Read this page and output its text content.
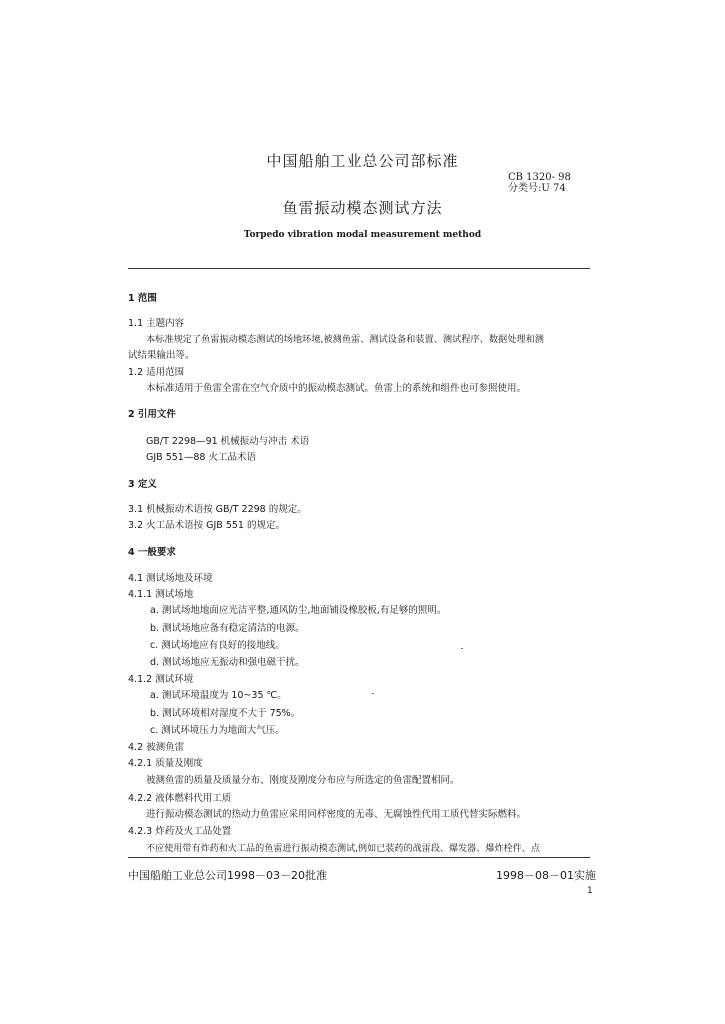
中国船舶工业总公司部标准
CB 1320- 98
分类号:U 74
鱼雷振动模态测试方法
Torpedo vibration modal measurement method
1 范围
1.1 主题内容
本标准规定了鱼雷振动模态测试的场地环境,被测鱼雷、测试设备和装置、测试程序、数据处理和测
试结果输出等。
1.2 适用范围
本标准适用于鱼雷全雷在空气介质中的振动模态测试。鱼雷上的系统和组件也可参照使用。
2 引用文件
GB/T 2298—91 机械振动与冲击 术语
GJB 551—88 火工品术语
3 定义
3.1 机械振动术语按 GB/T 2298 的规定。
3.2 火工品术语按 GJB 551 的规定。
4 一般要求
4.1 测试场地及环境
4.1.1 测试场地
a. 测试场地地面应光洁平整,通风防尘,地面铺设橡胶板,有足够的照明。
b. 测试场地应备有稳定清洁的电源。
c. 测试场地应有良好的接地线。
d. 测试场地应无振动和强电磁干扰。
4.1.2 测试环境
a. 测试环境温度为 10~35 ℃。
b. 测试环境相对湿度不大于 75%。
c. 测试环境压力为地面大气压。
4.2 被测鱼雷
4.2.1 质量及刚度
被测鱼雷的质量及质量分布、刚度及刚度分布应与所选定的鱼雷配置相同。
4.2.2 液体燃料代用工质
进行振动模态测试的热动力鱼雷应采用同样密度的无毒、无腐蚀性代用工质代替实际燃料。
4.2.3 炸药及火工品处置
不应使用带有炸药和火工品的鱼雷进行振动模态测试,例如已装药的战雷段、爆发器、爆炸栓件、点
中国船舶工业总公司1998－03－20批准	1998－08－01实施
1
